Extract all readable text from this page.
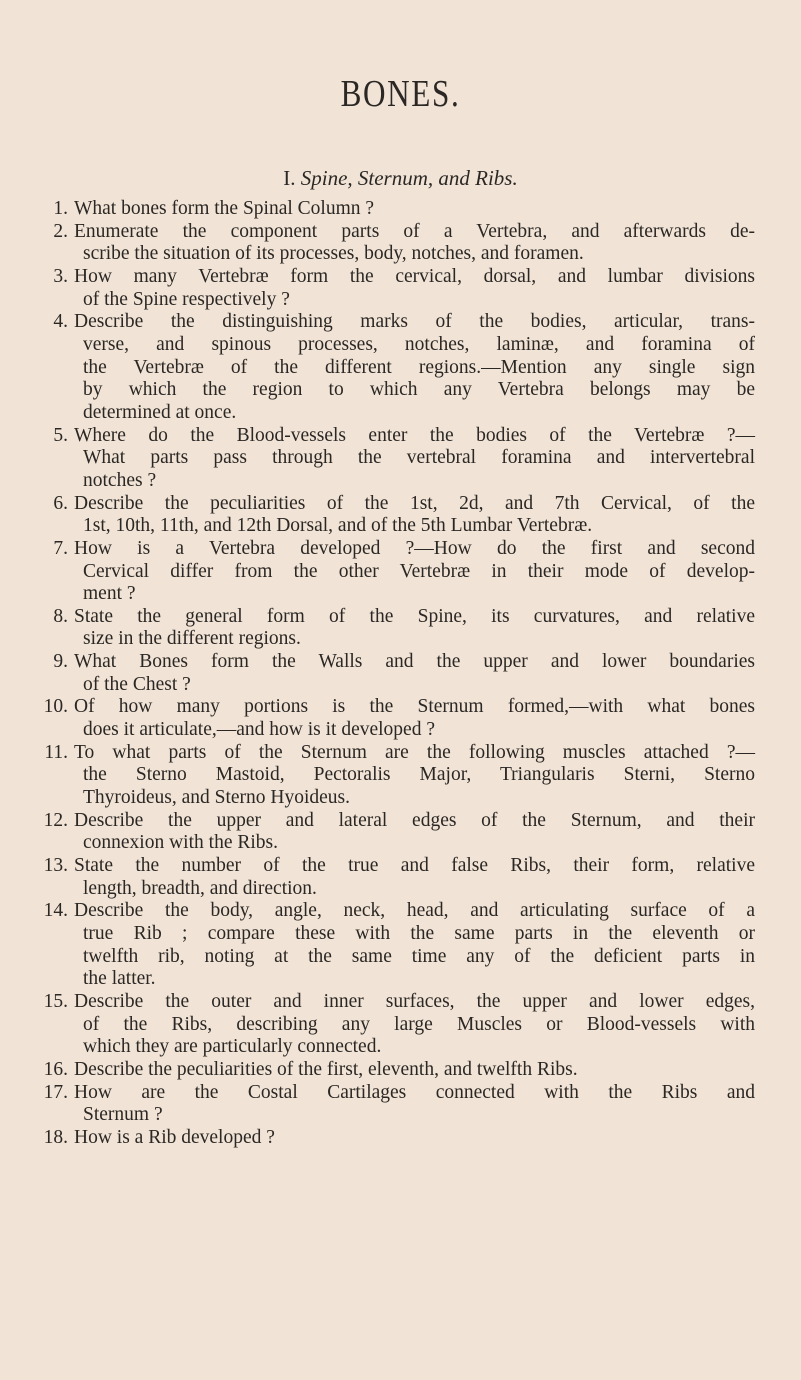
BONES.
I. Spine, Sternum, and Ribs.
1. What bones form the Spinal Column ?
2. Enumerate the component parts of a Vertebra, and afterwards de-
scribe the situation of its processes, body, notches, and foramen.
3. How many Vertebræ form the cervical, dorsal, and lumbar divisions
of the Spine respectively ?
4. Describe the distinguishing marks of the bodies, articular, trans-
verse, and spinous processes, notches, laminæ, and foramina of
the Vertebræ of the different regions.—Mention any single sign
by which the region to which any Vertebra belongs may be
determined at once.
5. Where do the Blood-vessels enter the bodies of the Vertebræ ?—
What parts pass through the vertebral foramina and intervertebral
notches ?
6. Describe the peculiarities of the 1st, 2d, and 7th Cervical, of the
1st, 10th, 11th, and 12th Dorsal, and of the 5th Lumbar Vertebræ.
7. How is a Vertebra developed ?—How do the first and second
Cervical differ from the other Vertebræ in their mode of develop-
ment ?
8. State the general form of the Spine, its curvatures, and relative
size in the different regions.
9. What Bones form the Walls and the upper and lower boundaries
of the Chest ?
10. Of how many portions is the Sternum formed,—with what bones
does it articulate,—and how is it developed ?
11. To what parts of the Sternum are the following muscles attached ?—
the Sterno Mastoid, Pectoralis Major, Triangularis Sterni, Sterno
Thyroideus, and Sterno Hyoideus.
12. Describe the upper and lateral edges of the Sternum, and their
connexion with the Ribs.
13. State the number of the true and false Ribs, their form, relative
length, breadth, and direction.
14. Describe the body, angle, neck, head, and articulating surface of a
true Rib ; compare these with the same parts in the eleventh or
twelfth rib, noting at the same time any of the deficient parts in
the latter.
15. Describe the outer and inner surfaces, the upper and lower edges,
of the Ribs, describing any large Muscles or Blood-vessels with
which they are particularly connected.
16. Describe the peculiarities of the first, eleventh, and twelfth Ribs.
17. How are the Costal Cartilages connected with the Ribs and
Sternum ?
18. How is a Rib developed ?
